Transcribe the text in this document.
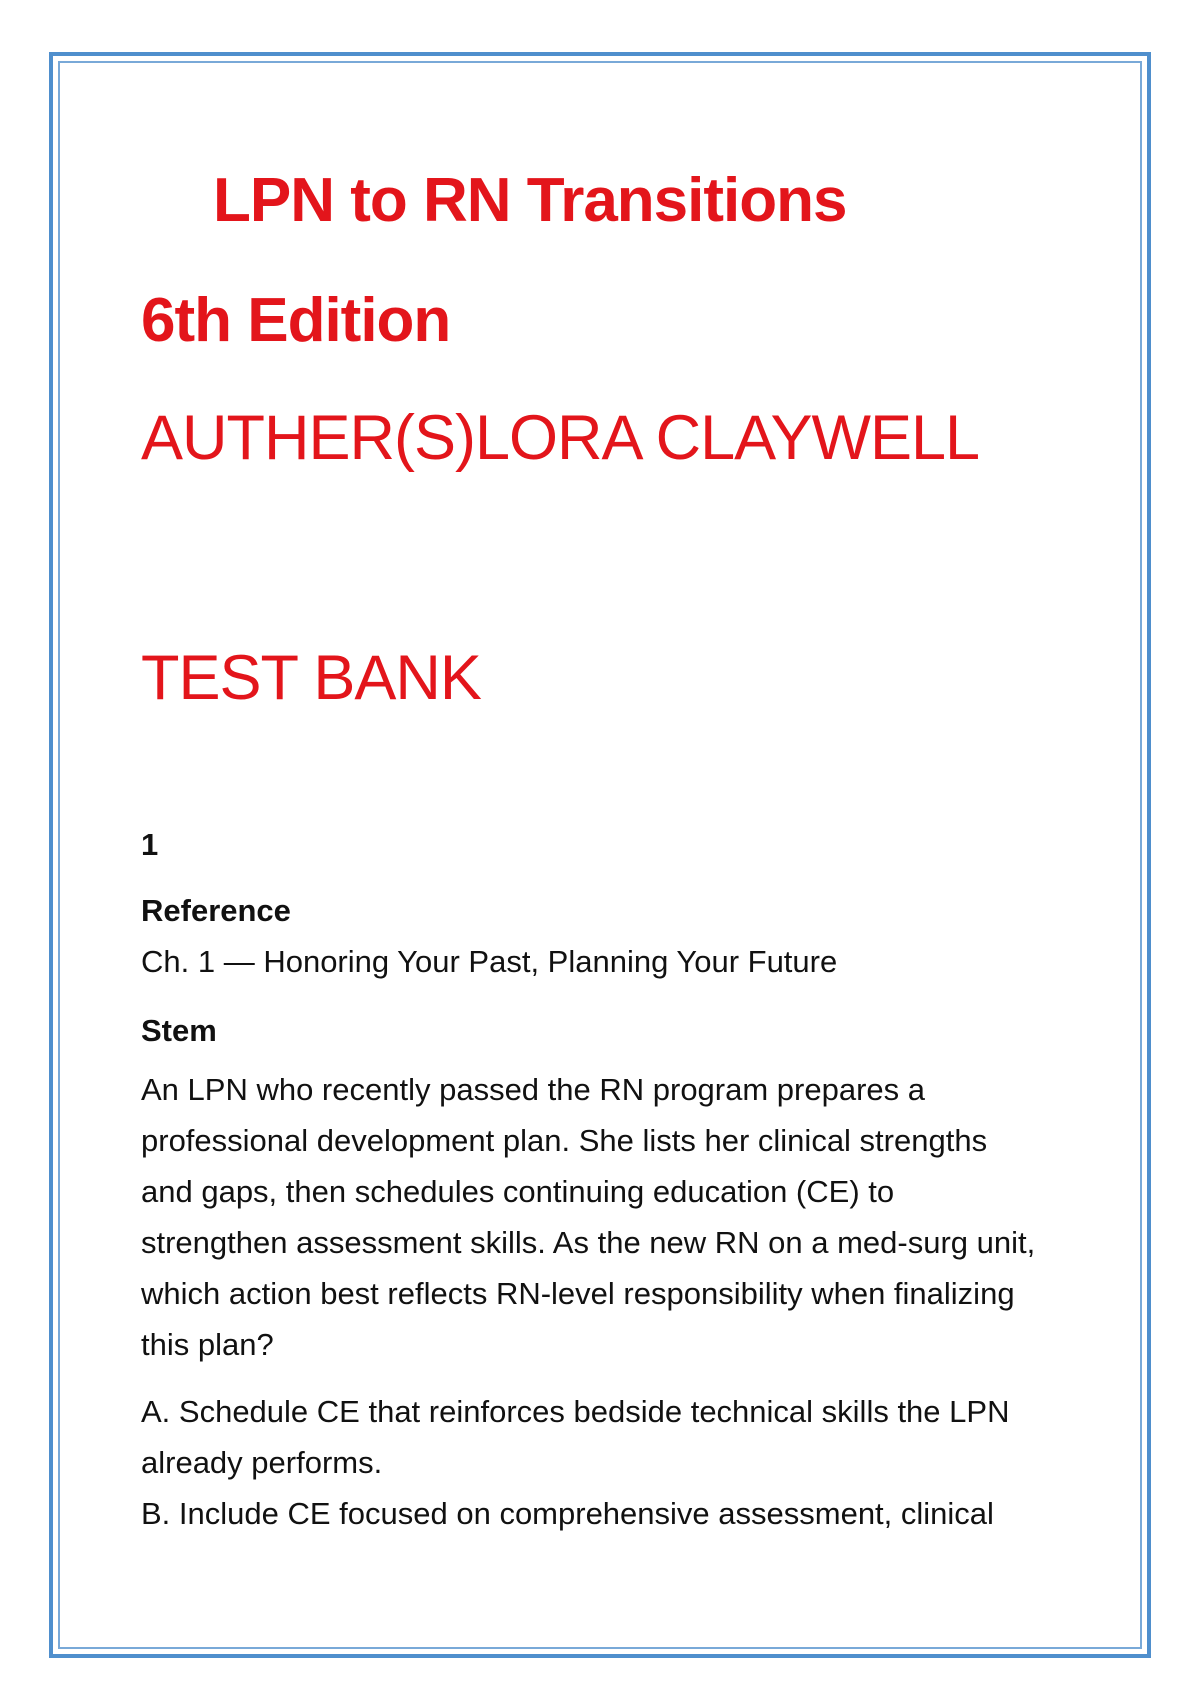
LPN to RN Transitions
6th Edition
AUTHER(S)LORA CLAYWELL
TEST BANK
1
Reference
Ch. 1 — Honoring Your Past, Planning Your Future
Stem
An LPN who recently passed the RN program prepares a professional development plan. She lists her clinical strengths and gaps, then schedules continuing education (CE) to strengthen assessment skills. As the new RN on a med-surg unit, which action best reflects RN-level responsibility when finalizing this plan?
A. Schedule CE that reinforces bedside technical skills the LPN already performs.
B. Include CE focused on comprehensive assessment, clinical
